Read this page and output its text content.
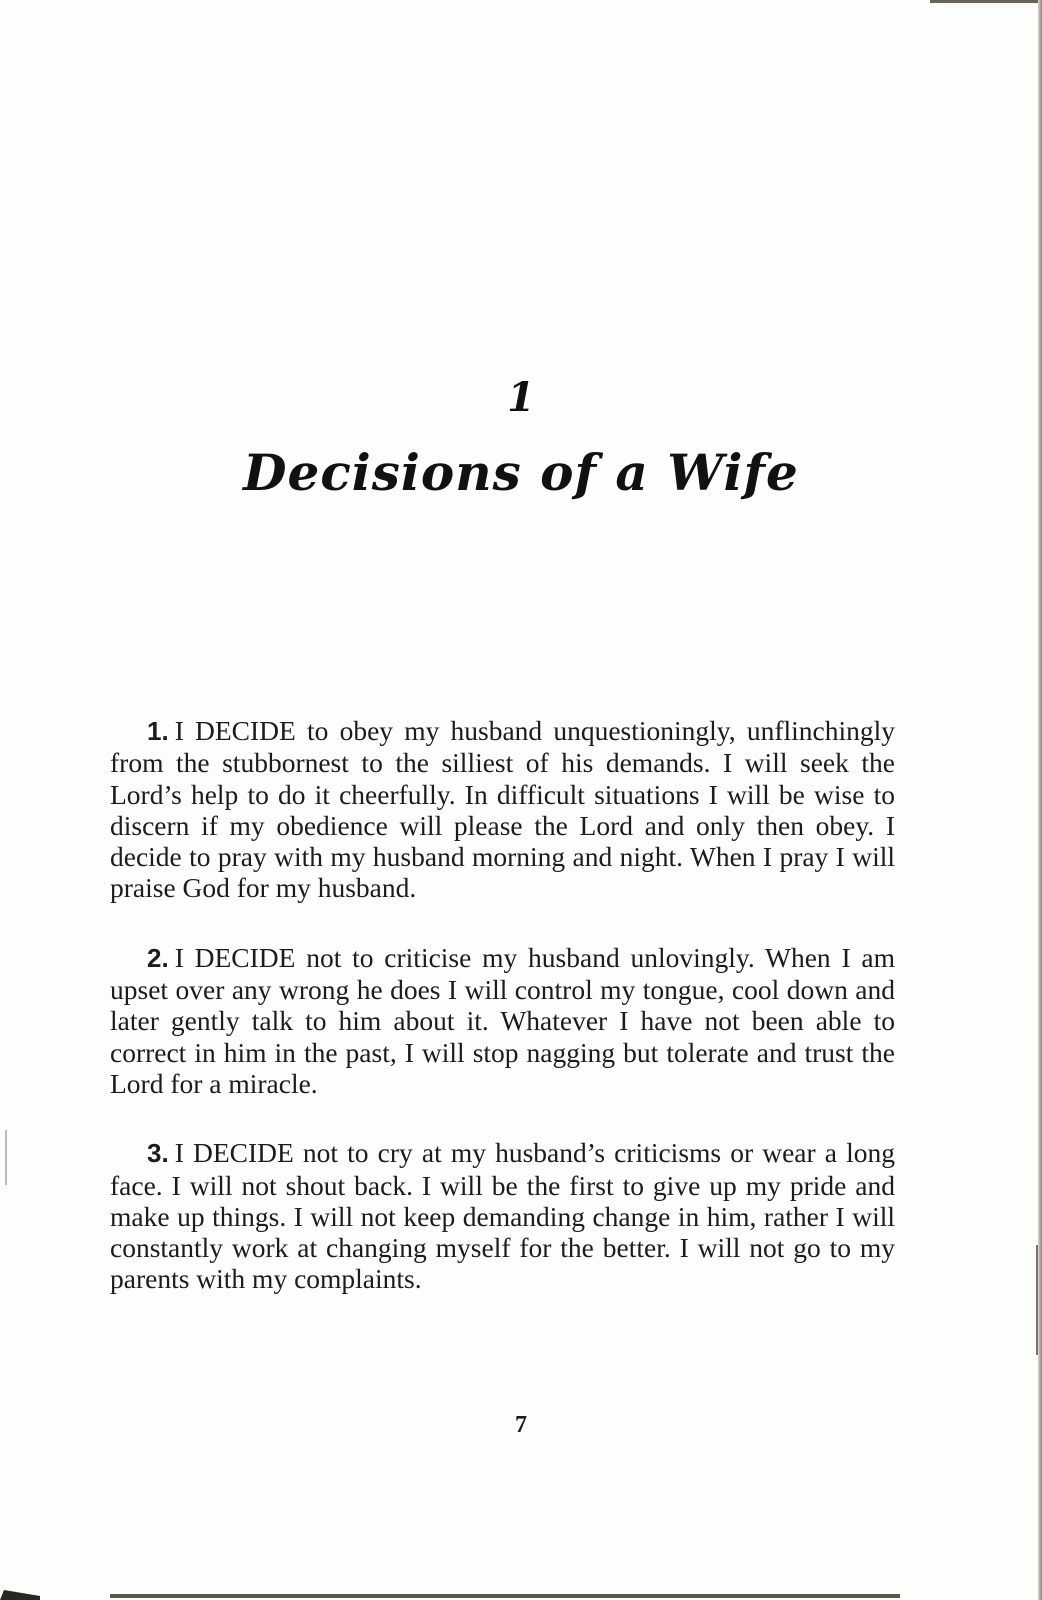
1
Decisions of a Wife

1. I DECIDE to obey my husband unquestioningly, unflinchingly from the stubbornest to the silliest of his demands. I will seek the Lord’s help to do it cheerfully. In difficult situations I will be wise to discern if my obedience will please the Lord and only then obey. I decide to pray with my husband morning and night. When I pray I will praise God for my husband.

2. I DECIDE not to criticise my husband unlovingly. When I am upset over any wrong he does I will control my tongue, cool down and later gently talk to him about it. Whatever I have not been able to correct in him in the past, I will stop nagging but tolerate and trust the Lord for a miracle.

3. I DECIDE not to cry at my husband’s criticisms or wear a long face. I will not shout back. I will be the first to give up my pride and make up things. I will not keep demanding change in him, rather I will constantly work at changing myself for the better. I will not go to my parents with my complaints.

7
